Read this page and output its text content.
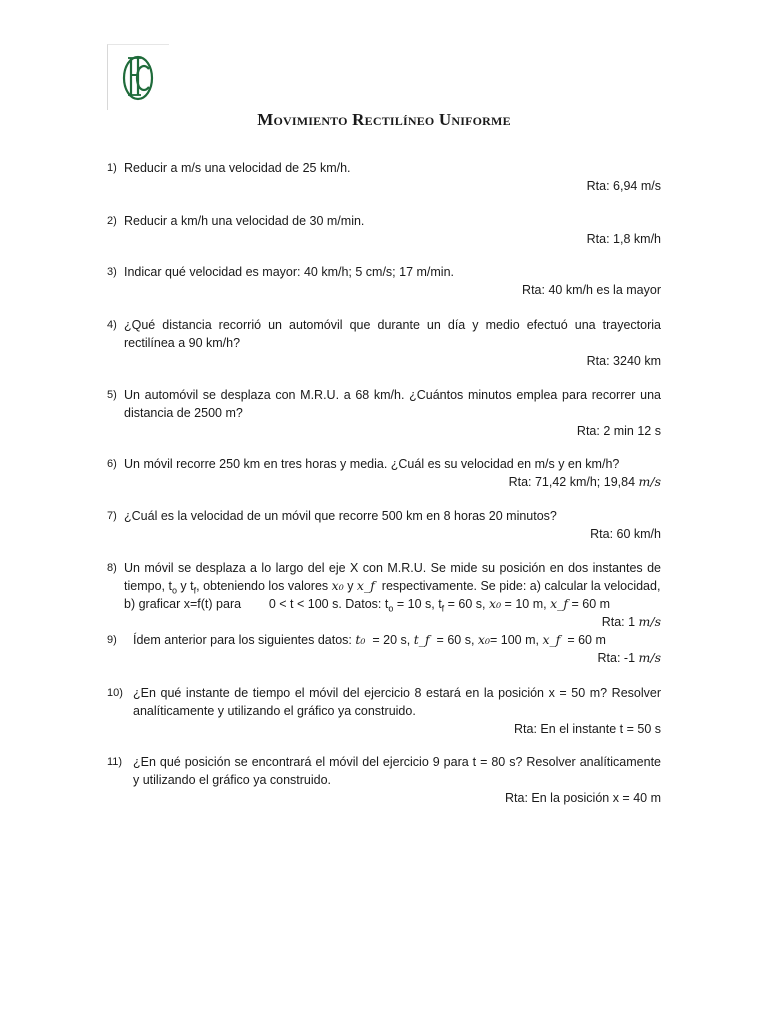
Movimiento Rectilíneo Uniforme
1) Reducir a m/s una velocidad de 25 km/h.
Rta: 6,94 m/s
2) Reducir a km/h una velocidad de 30 m/min.
Rta: 1,8 km/h
3) Indicar qué velocidad es mayor: 40 km/h; 5 cm/s; 17 m/min.
Rta: 40 km/h es la mayor
4) ¿Qué distancia recorrió un automóvil que durante un día y medio efectuó una trayectoria rectilínea a 90 km/h?
Rta: 3240 km
5) Un automóvil se desplaza con M.R.U. a 68 km/h. ¿Cuántos minutos emplea para recorrer una distancia de 2500 m?
Rta: 2 min 12 s
6) Un móvil recorre 250 km en tres horas y media. ¿Cuál es su velocidad en m/s y en km/h?
Rta: 71,42 km/h; 19,84 m/s
7) ¿Cuál es la velocidad de un móvil que recorre 500 km en 8 horas 20 minutos?
Rta: 60 km/h
8) Un móvil se desplaza a lo largo del eje X con M.R.U. Se mide su posición en dos instantes de
tiempo, $t_o$ y $t_f$, obteniendo los valores x₀ y x_f  respectivamente. Se pide: a) calcular la velocidad,
b) graficar x=f(t) para        0 < t < 100 s. Datos: $t_o = 10$ s, $t_f = 60$ s, x₀ = 10 m, x_f = 60 m
Rta: 1 m/s
9)	Ídem anterior para los siguientes datos: t₀  = 20 s, t_f  = 60 s, x₀= 100 m, x_f  = 60 m
Rta: -1 m/s
10) ¿En qué instante de tiempo el móvil del ejercicio 8 estará en la posición x = 50 m? Resolver analíticamente y utilizando el gráfico ya construido.
Rta: En el instante t = 50 s
11) ¿En qué posición se encontrará el móvil del ejercicio 9 para t = 80 s? Resolver analíticamente y utilizando el gráfico ya construido.
Rta: En la posición x = 40 m
